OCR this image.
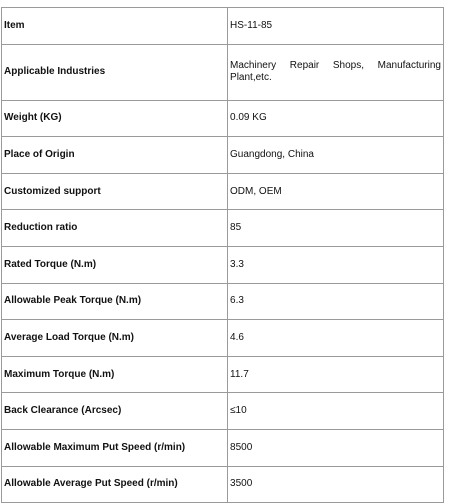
Item	HS-11-85
Applicable Industries	Machinery Repair Shops, Manufacturing Plant,etc.
Weight (KG)	0.09 KG
Place of Origin	Guangdong, China
Customized support	ODM, OEM
Reduction ratio	85
Rated Torque (N.m)	3.3
Allowable Peak Torque (N.m)	6.3
Average Load Torque (N.m)	4.6
Maximum Torque (N.m)	11.7
Back Clearance (Arcsec)	≤10
Allowable Maximum Put Speed (r/min)	8500
Allowable Average Put Speed (r/min)	3500
